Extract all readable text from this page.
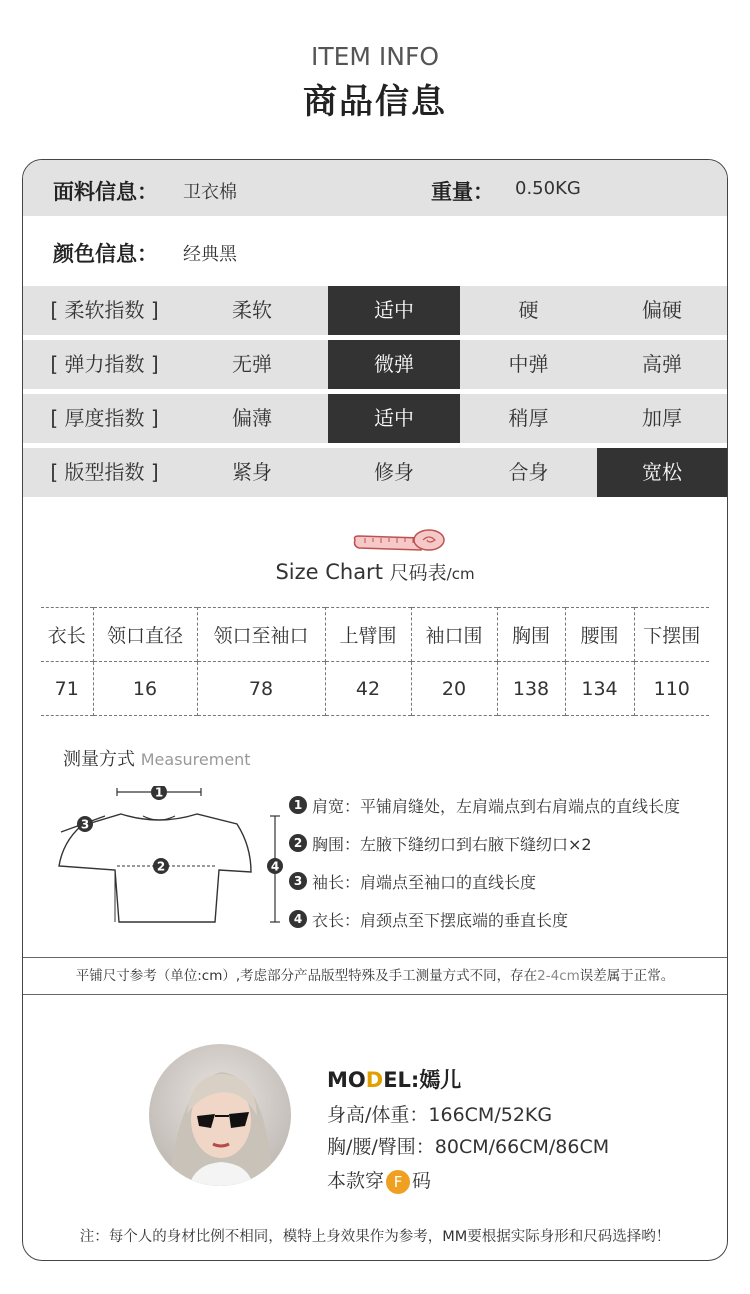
ITEM INFO
商品信息
面料信息： 卫衣棉	重量： 0.50KG
颜色信息： 经典黑
[ 柔软指数 ]	柔软	适中	硬	偏硬
[ 弹力指数 ]	无弹	微弹	中弹	高弹
[ 厚度指数 ]	偏薄	适中	稍厚	加厚
[ 版型指数 ]	紧身	修身	合身	宽松
Size Chart 尺码表/cm
衣长	领口直径	领口至袖口	上臂围	袖口围	胸围	腰围	下摆围
71	16	78	42	20	138	134	110
测量方式 Measurement
1
2
3
4
1 肩宽 ：平铺肩缝处，左肩端点到右肩端点的直线长度
2 胸围 ：左腋下缝纫口到右腋下缝纫口×2
3 袖长 ：肩端点至袖口的直线长度
4 衣长 ：肩颈点至下摆底端的垂直长度
平铺尺寸参考（单位:cm）,考虑部分产品版型特殊及手工测量方式不同，存在2-4cm误差属于正常。
MODEL:嫣儿
身高/体重：166CM/52KG
胸/腰/臀围：80CM/66CM/86CM
本款穿 F 码
注：每个人的身材比例不相同，模特上身效果作为参考，MM要根据实际身形和尺码选择哟！
